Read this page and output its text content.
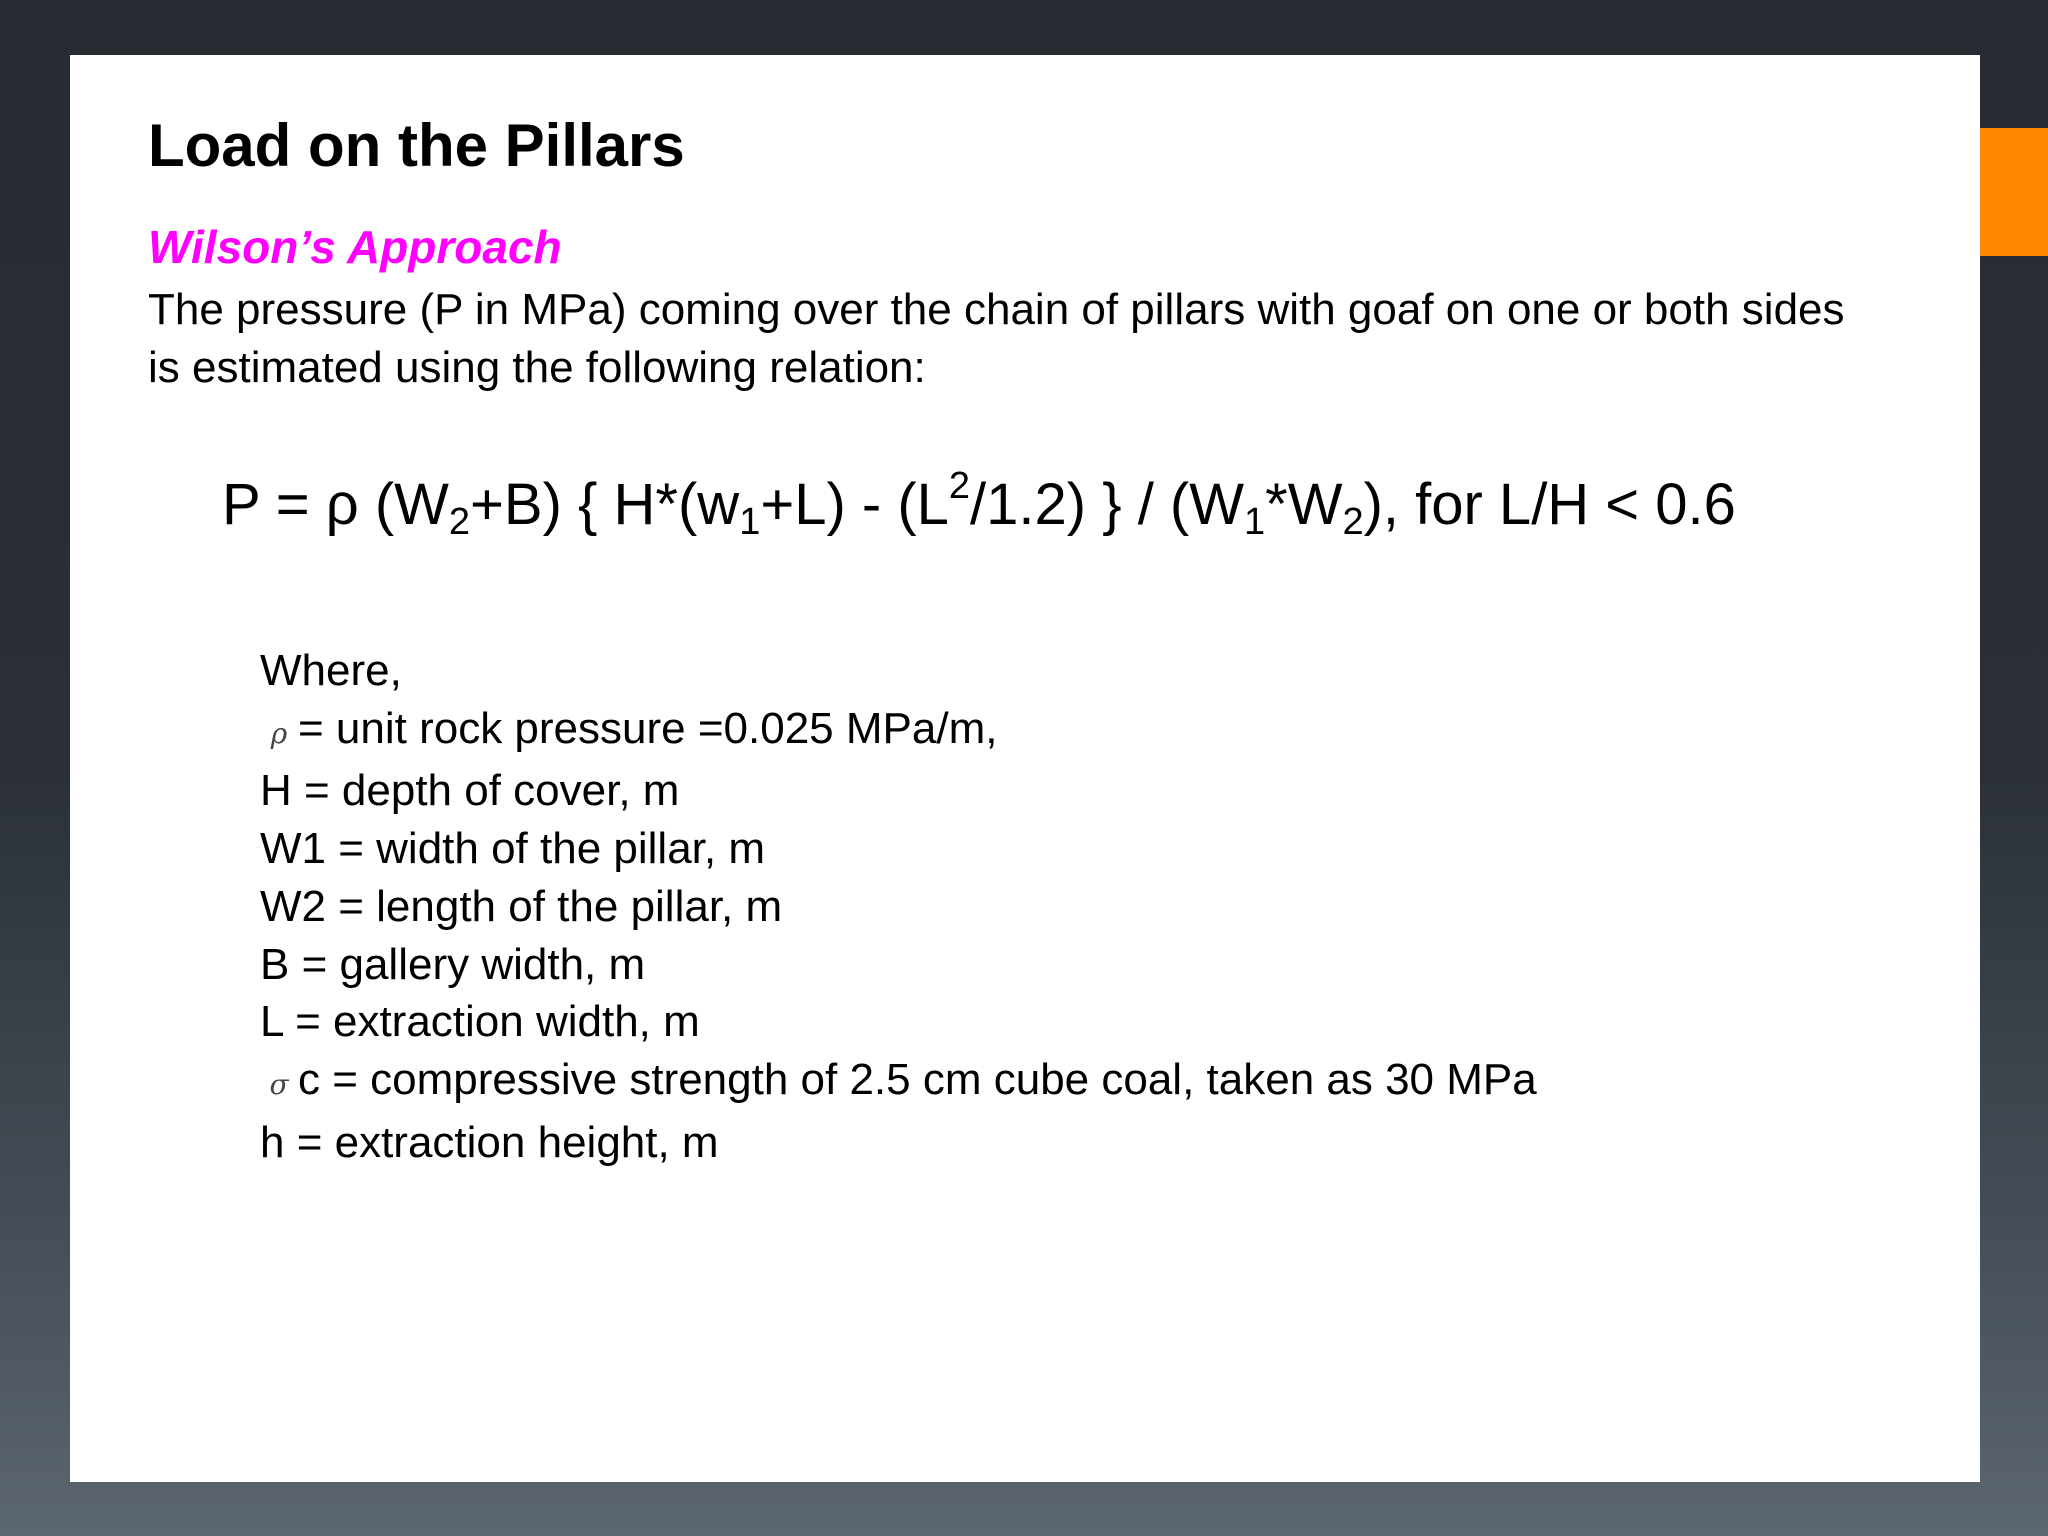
Load on the Pillars
Wilson’s Approach

The pressure (P in MPa) coming over the chain of pillars with goaf on one or both sides is estimated using the following relation:

P = ρ $(W_2+B)$ { $H*(w_1+L) - (L^2/1.2)$ } / $(W_1*W_2)$, for L/H < 0.6
Where,
ρ = unit rock pressure =0.025 MPa/m,
H = depth of cover, m
W1 = width of the pillar, m
W2 = length of the pillar, m
B = gallery width, m
L = extraction width, m
σ c = compressive strength of 2.5 cm cube coal, taken as 30 MPa
h = extraction height, m
